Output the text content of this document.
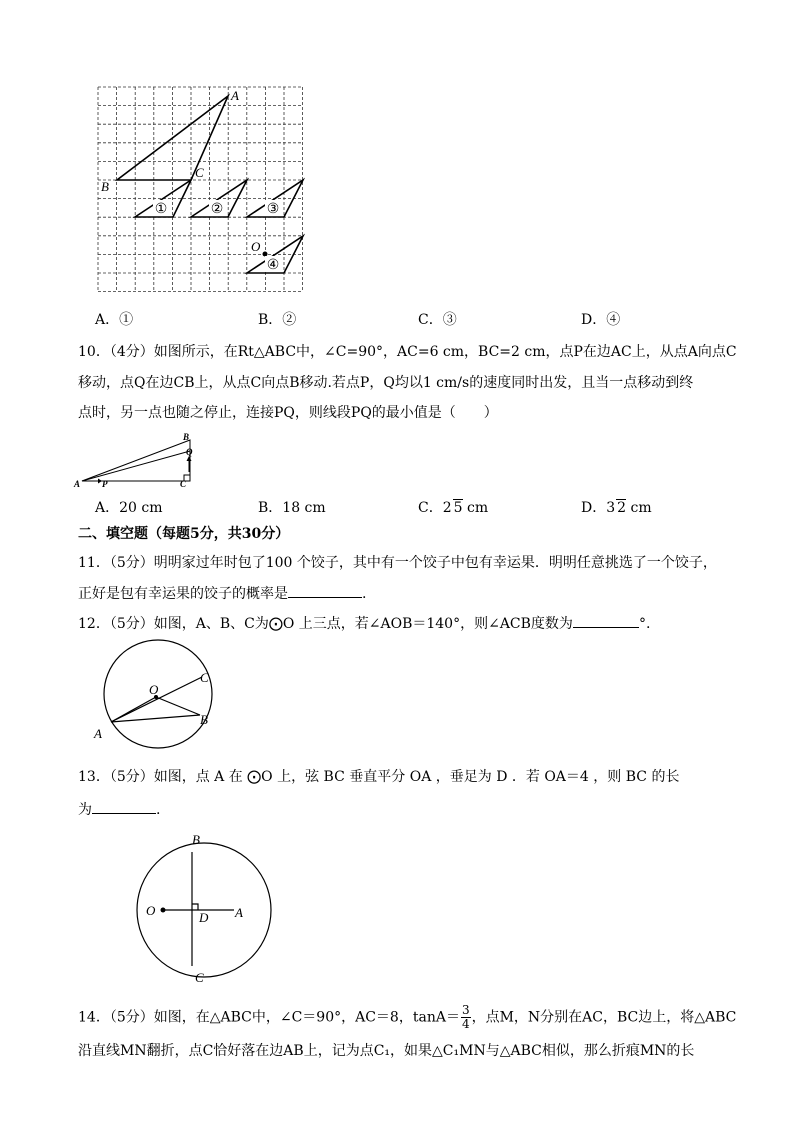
A
B
C
O
①	②	③
④
A．①	B．②	C．③	D．④
10．（4分）如图所示，在Rt△ABC中，∠C=90°，AC=6 cm，BC=2 cm，点P在边AC上，从点A向点C
移动，点Q在边CB上，从点C向点B移动.若点P，Q均以1 cm/s的速度同时出发，且当一点移动到终
点时，另一点也随之停止，连接PQ，则线段PQ的最小值是（　　）
A P	C
B
Q
A．20 cm	B．18 cm	C．2 5 cm	D．3 2 cm
二、填空题（每题5分，共30分）
11．（5分）明明家过年时包了100 个饺子，其中有一个饺子中包有幸运果．明明任意挑选了一个饺子，
正好是包有幸运果的饺子的概率是	.
12．（5分）如图，A、B、C为⨀O 上三点，若∠AOB＝140°，则∠ACB度数为	°.
O
A
B
C
13．（5分）如图，点 A 在 ⨀O 上，弦 BC 垂直平分 OA ，垂足为 D ．若 OA＝4 ，则 BC 的长
为	.
O	A
B
C
D
14．（5分）如图，在△ABC中，∠C＝90°，AC＝8，$\tan A= \frac{3}{4}$ ，点M，N分别在AC，BC边上，将△ABC
沿直线MN翻折，点C恰好落在边AB上，记为点C₁，如果△C₁MN与△ABC相似，那么折痕MN的长
